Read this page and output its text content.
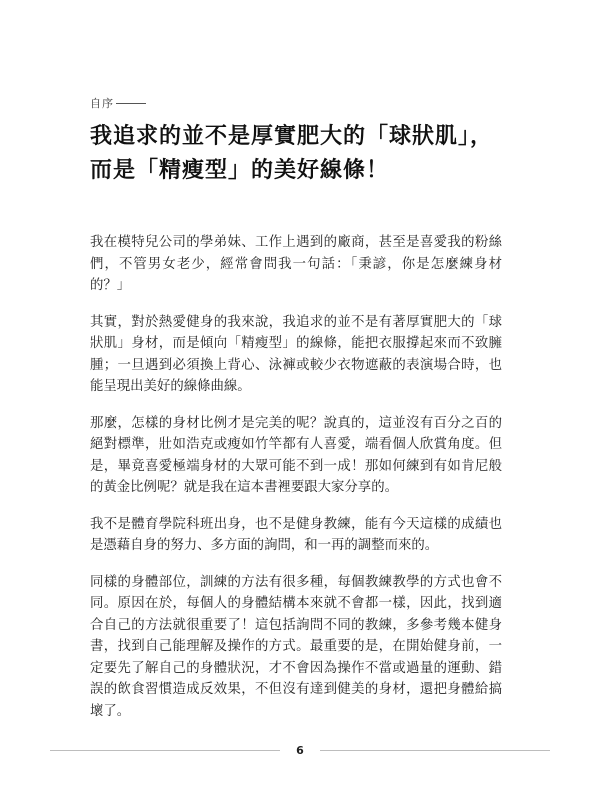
自序
我追求的並不是厚實肥大的「球狀肌」，
而是「精瘦型」的美好線條！

我在模特兒公司的學弟妹、工作上遇到的廠商，甚至是喜愛我的粉絲們，不管男女老少，經常會問我一句話：「秉諺，你是怎麼練身材的？」

其實，對於熱愛健身的我來說，我追求的並不是有著厚實肥大的「球狀肌」身材，而是傾向「精瘦型」的線條，能把衣服撐起來而不致臃腫；一旦遇到必須換上背心、泳褲或較少衣物遮蔽的表演場合時，也能呈現出美好的線條曲線。

那麼，怎樣的身材比例才是完美的呢？說真的，這並沒有百分之百的絕對標準，壯如浩克或瘦如竹竿都有人喜愛，端看個人欣賞角度。但是，畢竟喜愛極端身材的大眾可能不到一成！那如何練到有如肯尼般的黃金比例呢？就是我在這本書裡要跟大家分享的。

我不是體育學院科班出身，也不是健身教練，能有今天這樣的成績也是憑藉自身的努力、多方面的詢問，和一再的調整而來的。

同樣的身體部位，訓練的方法有很多種，每個教練教學的方式也會不同。原因在於，每個人的身體結構本來就不會都一樣，因此，找到適合自己的方法就很重要了！這包括詢問不同的教練，多參考幾本健身書，找到自己能理解及操作的方式。最重要的是，在開始健身前，一定要先了解自己的身體狀況，才不會因為操作不當或過量的運動、錯誤的飲食習慣造成反效果，不但沒有達到健美的身材，還把身體給搞壞了。

6
